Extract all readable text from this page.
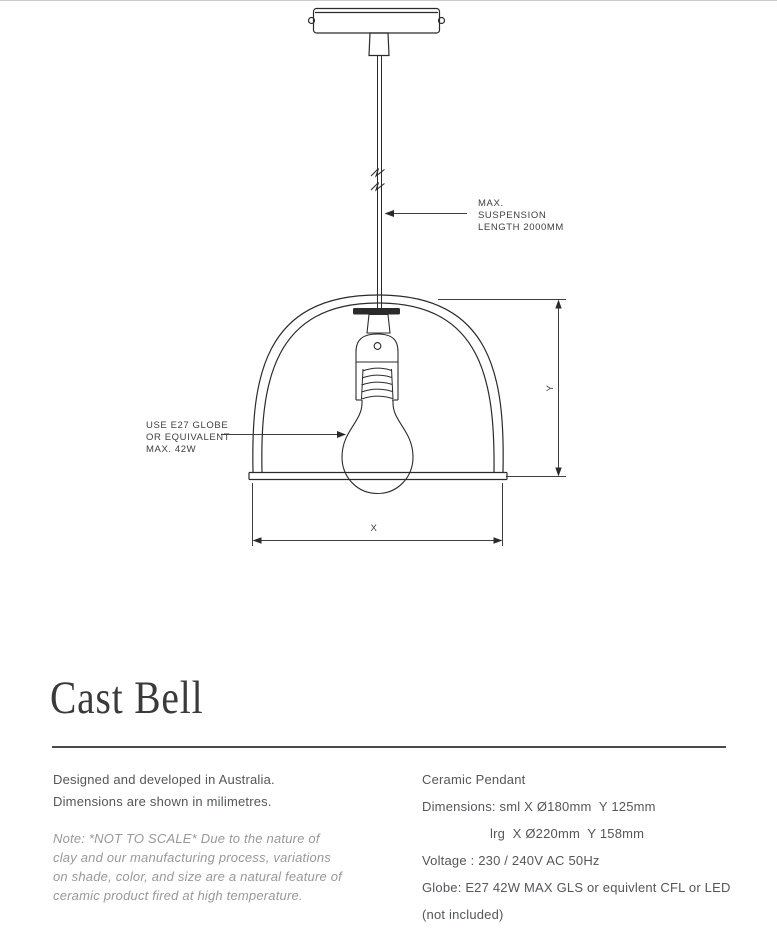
MAX.
SUSPENSION
LENGTH 2000MM
USE E27 GLOBE
OR EQUIVALENT
MAX. 42W
X
Y
Cast Bell
Designed and developed in Australia.
Dimensions are shown in milimetres.
Note: *NOT TO SCALE* Due to the nature of
clay and our manufacturing process, variations
on shade, color, and size are a natural feature of
ceramic product fired at high temperature.
Ceramic Pendant
Dimensions: sml X Ø180mm  Y 125mm
lrg  X Ø220mm  Y 158mm
Voltage : 230 / 240V AC 50Hz
Globe: E27 42W MAX GLS or equivlent CFL or LED
(not included)
